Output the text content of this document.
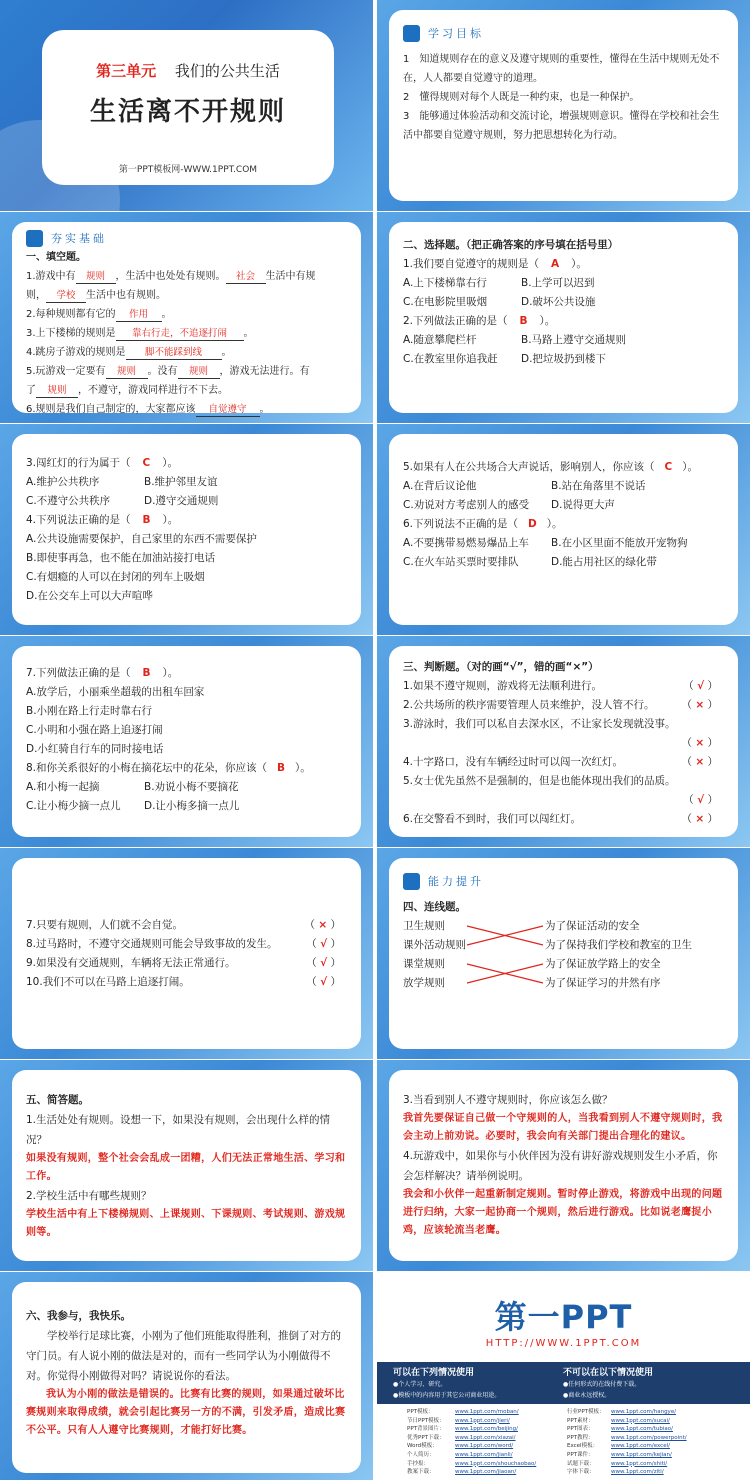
第三单元 我们的公共生活
生活离不开规则
第一PPT模板网-WWW.1PPT.COM
学习目标
1　知道规则存在的意义及遵守规则的重要性，懂得在生活中规则无处不在，人人都要自觉遵守的道理。
2　懂得规则对每个人既是一种约束，也是一种保护。
3　能够通过体验活动和交流讨论，增强规则意识。懂得在学校和社会生活中都要自觉遵守规则，努力把思想转化为行动。
夯实基础
一、填空题。
1.游戏中有 规则 ，生活中也处处有规则。 社会 生活中有规
则， 学校 生活中也有规则。
2.每种规则都有它的 作用 。
3.上下楼梯的规则是 靠右行走，不追逐打闹 。
4.跳房子游戏的规则是 脚不能踩到线 。
5.玩游戏一定要有 规则 。没有 规则 ，游戏无法进行。有
了 规则 ，不遵守，游戏同样进行不下去。
6.规则是我们自己制定的，大家都应该 自觉遵守 。
二、选择题。（把正确答案的序号填在括号里）
1.我们要自觉遵守的规则是（ A ）。
A.上下楼梯靠右行	B.上学可以迟到
C.在电影院里吸烟	D.破坏公共设施
2.下列做法正确的是（ B ）。
A.随意攀爬栏杆	B.马路上遵守交通规则
C.在教室里你追我赶	D.把垃圾扔到楼下
3.闯红灯的行为属于（ C ）。
A.维护公共秩序	B.维护邻里友谊
C.不遵守公共秩序	D.遵守交通规则
4.下列说法正确的是（ B ）。
A.公共设施需要保护，自己家里的东西不需要保护
B.即使事再急，也不能在加油站接打电话
C.有烟瘾的人可以在封闭的列车上吸烟
D.在公交车上可以大声喧哗
5.如果有人在公共场合大声说话，影响别人，你应该（ C ）。
A.在背后议论他	B.站在角落里不说话
C.劝说对方考虑别人的感受	D.说得更大声
6.下列说法不正确的是（ D ）。
A.不要携带易燃易爆品上车	B.在小区里面不能放开宠物狗
C.在火车站买票时要排队	D.能占用社区的绿化带
7.下列做法正确的是（ B ）。
A.放学后，小丽乘坐超载的出租车回家
B.小刚在路上行走时靠右行
C.小明和小强在路上追逐打闹
D.小红骑自行车的同时接电话
8.和你关系很好的小梅在摘花坛中的花朵，你应该（ B ）。
A.和小梅一起摘	B.劝说小梅不要摘花
C.让小梅少摘一点儿	D.让小梅多摘一点儿
三、判断题。（对的画“√”，错的画“×”）
1.如果不遵守规则，游戏将无法顺利进行。	（ √ ）
2.公共场所的秩序需要管理人员来维护，没人管不行。	（ × ）
3.游泳时，我们可以私自去深水区，不让家长发现就没事。
（ × ）
4.十字路口，没有车辆经过时可以闯一次红灯。	（ × ）
5.女士优先虽然不是强制的，但是也能体现出我们的品质。
（ √ ）
6.在交警看不到时，我们可以闯红灯。	（ × ）
7.只要有规则，人们就不会自觉。	（ × ）
8.过马路时，不遵守交通规则可能会导致事故的发生。	（ √ ）
9.如果没有交通规则，车辆将无法正常通行。	（ √ ）
10.我们不可以在马路上追逐打闹。	（ √ ）
能力提升
四、连线题。
卫生规则
课外活动规则
课堂规则
放学规则
为了保证活动的安全
为了保持我们学校和教室的卫生
为了保证放学路上的安全
为了保证学习的井然有序
五、简答题。
1.生活处处有规则。设想一下，如果没有规则，会出现什么样的情况？
如果没有规则，整个社会会乱成一团糟，人们无法正常地生活、学习和工作。
2.学校生活中有哪些规则？
学校生活中有上下楼梯规则、上课规则、下课规则、考试规则、游戏规则等。
3.当看到别人不遵守规则时，你应该怎么做？
我首先要保证自己做一个守规则的人，当我看到别人不遵守规则时，我会主动上前劝说。必要时，我会向有关部门提出合理化的建议。
4.玩游戏中，如果你与小伙伴因为没有讲好游戏规则发生小矛盾，你会怎样解决？请举例说明。
我会和小伙伴一起重新制定规则。暂时停止游戏，将游戏中出现的问题进行归纳，大家一起协商一个规则，然后进行游戏。比如说老鹰捉小鸡，应该轮流当老鹰。
六、我参与，我快乐。
学校举行足球比赛，小刚为了他们班能取得胜利，推倒了对方的守门员。有人说小刚的做法是对的，而有一些同学认为小刚做得不对。你觉得小刚做得对吗？请说说你的看法。
我认为小刚的做法是错误的。比赛有比赛的规则，如果通过破坏比赛规则来取得成绩，就会引起比赛另一方的不满，引发矛盾，造成比赛不公平。只有人人遵守比赛规则，才能打好比赛。
第一PPT
HTTP://WWW.1PPT.COM
可以在下列情况使用
●个人学习、研究。
●模板中的内容用于其它公司商业用途。
不可以在以下情况使用
●任何形式的在线付费下载。
●商业永远授权。
PPT模板：	www.1ppt.com/moban/
节日PPT模板： www.1ppt.com/jieri/
PPT背景图片： www.1ppt.com/beijing/
优秀PPT下载： www.1ppt.com/xiazai/
Word模板：	www.1ppt.com/word/
个人简历：	www.1ppt.com/jianli/
手抄报：	www.1ppt.com/shouchaobao/
教案下载：	www.1ppt.com/jiaoan/
行业PPT模板： www.1ppt.com/hangye/
PPT素材：	www.1ppt.com/sucai/
PPT图表：	www.1ppt.com/tubiao/
PPT教程：	www.1ppt.com/powerpoint/
Excel模板： www.1ppt.com/excel/
PPT课件：	www.1ppt.com/kejian/
试题下载：	www.1ppt.com/shiti/
字体下载：	www.1ppt.com/ziti/
